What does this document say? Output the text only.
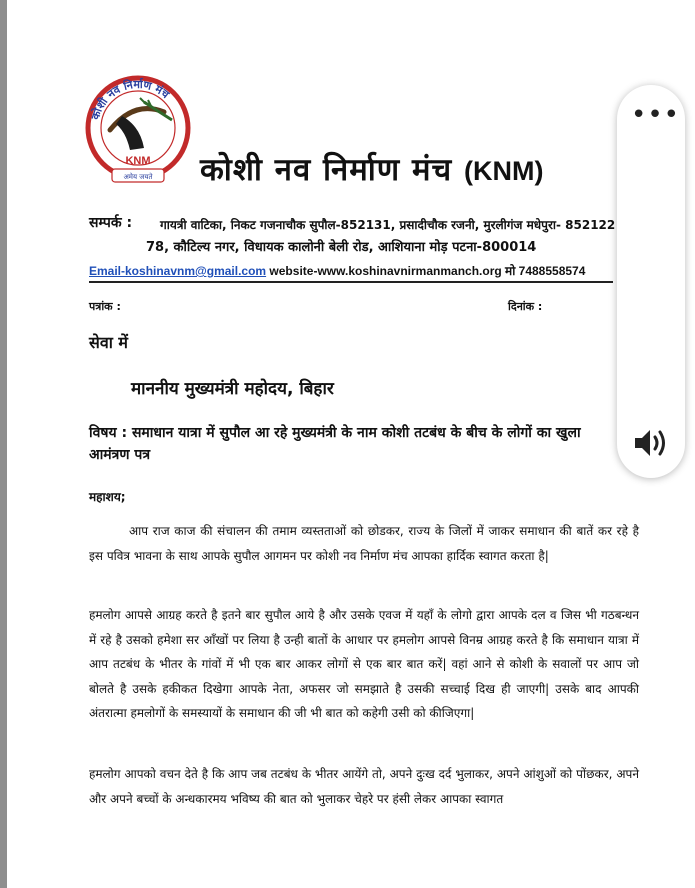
कोशी नव निर्माण मंच
KNM
अमेय जयते कोशी नव निर्माण मंच (KNM)
सम्पर्क : गायत्री वाटिका, निकट गजनाचौक सुपौल-852131, प्रसादीचौक रजनी, मुरलीगंज मधेपुरा- 852122
78, कौटिल्य नगर, विधायक कालोनी बेली रोड, आशियाना मोड़ पटना-800014
Email-koshinavnm@gmail.com website-www.koshinavnirmanmanch.org मो 7488558574
पत्रांक :	दिनांक :
सेवा में
माननीय मुख्यमंत्री महोदय, बिहार
विषय : समाधान यात्रा में सुपौल आ रहे मुख्यमंत्री के नाम कोशी तटबंध के बीच के लोगों का खुला आमंत्रण पत्र
महाशय;
आप राज काज की संचालन की तमाम व्यस्तताओं को छोडकर, राज्य के जिलों में जाकर समाधान की बातें कर रहे है इस पवित्र भावना के साथ आपके सुपौल आगमन पर कोशी नव निर्माण मंच आपका हार्दिक स्वागत करता है|
हमलोग आपसे आग्रह करते है इतने बार सुपौल आये है और उसके एवज में यहाँ के लोगो द्वारा आपके दल व जिस भी गठबन्धन में रहे है उसको हमेशा सर आँखों पर लिया है उन्ही बातों के आधार पर हमलोग आपसे विनम्र आग्रह करते है कि समाधान यात्रा में आप तटबंध के भीतर के गांवों में भी एक बार आकर लोगों से एक बार बात करें| वहां आने से कोशी के सवालों पर आप जो बोलते है उसके हकीकत दिखेगा आपके नेता, अफसर जो समझाते है उसकी सच्चाई दिख ही जाएगी| उसके बाद आपकी अंतरात्मा हमलोगों के समस्यायों के समाधान की जी भी बात को कहेगी उसी को कीजिएगा|
हमलोग आपको वचन देते है कि आप जब तटबंध के भीतर आयेंगे तो, अपने दुःख दर्द भुलाकर, अपने आंशुओं को पोंछकर, अपने और अपने बच्चों के अन्धकारमय भविष्य की बात को भुलाकर चेहरे पर हंसी लेकर आपका स्वागत
•••
